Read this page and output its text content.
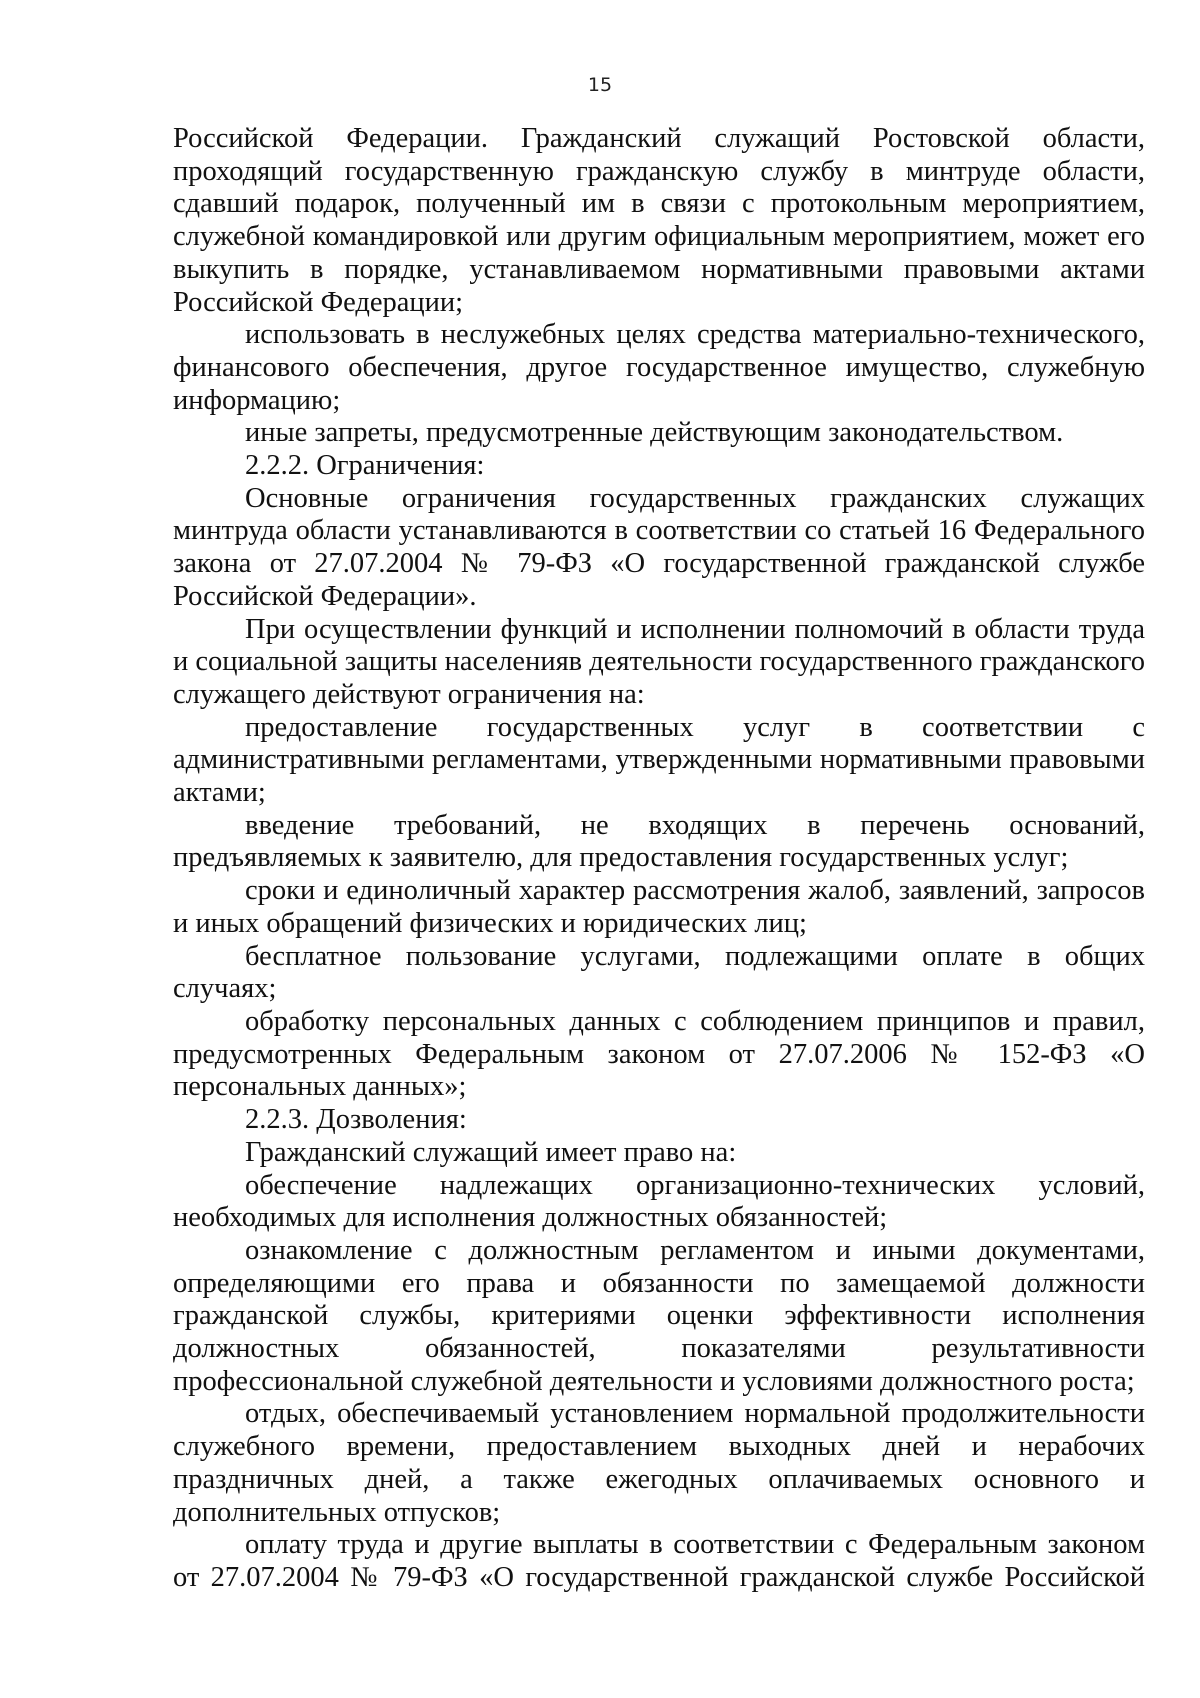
15

Российской Федерации. Гражданский служащий Ростовской области, проходящий государственную гражданскую службу в минтруде области, сдавший подарок, полученный им в связи с протокольным мероприятием, служебной командировкой или другим официальным мероприятием, может его выкупить в порядке, устанавливаемом нормативными правовыми актами Российской Федерации;

использовать в неслужебных целях средства материально-технического, финансового обеспечения, другое государственное имущество, служебную информацию;

иные запреты, предусмотренные действующим законодательством.

2.2.2. Ограничения:

Основные ограничения государственных гражданских служащих минтруда области устанавливаются в соответствии со статьей 16 Федерального закона от 27.07.2004 № 79-ФЗ «О государственной гражданской службе Российской Федерации».

При осуществлении функций и исполнении полномочий в области труда и социальной защиты населенияв деятельности государственного гражданского служащего действуют ограничения на:

предоставление государственных услуг в соответствии с административными регламентами, утвержденными нормативными правовыми актами;

введение требований, не входящих в перечень оснований, предъявляемых к заявителю, для предоставления государственных услуг;

сроки и единоличный характер рассмотрения жалоб, заявлений, запросов и иных обращений физических и юридических лиц;

бесплатное пользование услугами, подлежащими оплате в общих случаях;

обработку персональных данных с соблюдением принципов и правил, предусмотренных Федеральным законом от 27.07.2006 № 152-ФЗ «О персональных данных»;

2.2.3. Дозволения:

Гражданский служащий имеет право на:

обеспечение надлежащих организационно-технических условий, необходимых для исполнения должностных обязанностей;

ознакомление с должностным регламентом и иными документами, определяющими его права и обязанности по замещаемой должности гражданской службы, критериями оценки эффективности исполнения должностных обязанностей, показателями результативности профессиональной служебной деятельности и условиями должностного роста;

отдых, обеспечиваемый установлением нормальной продолжительности служебного времени, предоставлением выходных дней и нерабочих праздничных дней, а также ежегодных оплачиваемых основного и дополнительных отпусков;

оплату труда и другие выплаты в соответствии с Федеральным законом от 27.07.2004 № 79-ФЗ «О государственной гражданской службе Российской
